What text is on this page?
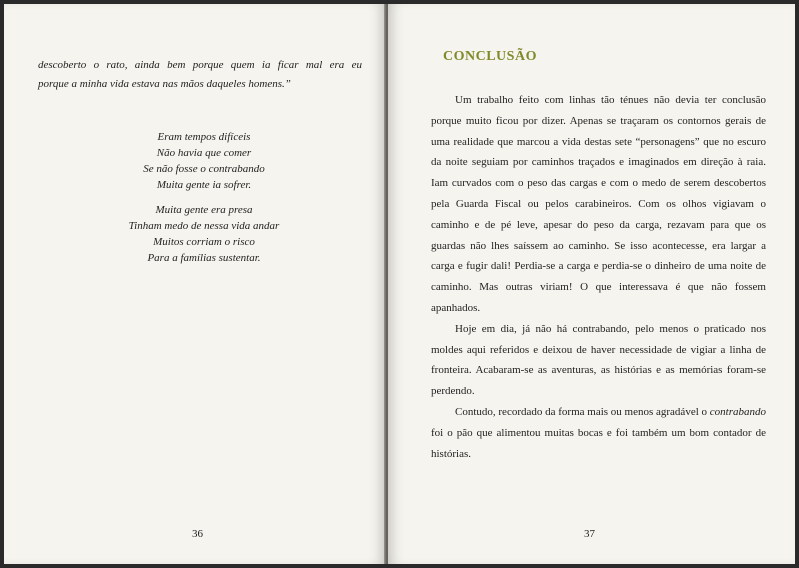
descoberto o rato, ainda bem porque quem ia ficar mal era eu
porque a minha vida estava nas mãos daqueles homens.”
Eram tempos difíceis
Não havia que comer
Se não fosse o contrabando
Muita gente ia sofrer.
Muita gente era presa
Tinham medo de nessa vida andar
Muitos corriam o risco
Para a famílias sustentar.
36
CONCLUSÃO

Um trabalho feito com linhas tão ténues não devia ter conclusão porque muito ficou por dizer. Apenas se traçaram os contornos gerais de uma realidade que marcou a vida destas sete “personagens” que no escuro da noite seguiam por caminhos traçados e imaginados em direção à raia. Iam curvados com o peso das cargas e com o medo de serem descobertos pela Guarda Fiscal ou pelos carabineiros. Com os olhos vigiavam o caminho e de pé leve, apesar do peso da carga, rezavam para que os guardas não lhes saíssem ao caminho. Se isso acontecesse, era largar a carga e fugir dali! Perdia-se a carga e perdia-se o dinheiro de uma noite de caminho. Mas outras viriam! O que interessava é que não fossem apanhados.

Hoje em dia, já não há contrabando, pelo menos o praticado nos moldes aqui referidos e deixou de haver necessidade de vigiar a linha de fronteira. Acabaram-se as aventuras, as histórias e as memórias foram-se perdendo.

Contudo, recordado da forma mais ou menos agradável o contrabando foi o pão que alimentou muitas bocas e foi também um bom contador de histórias.

37
